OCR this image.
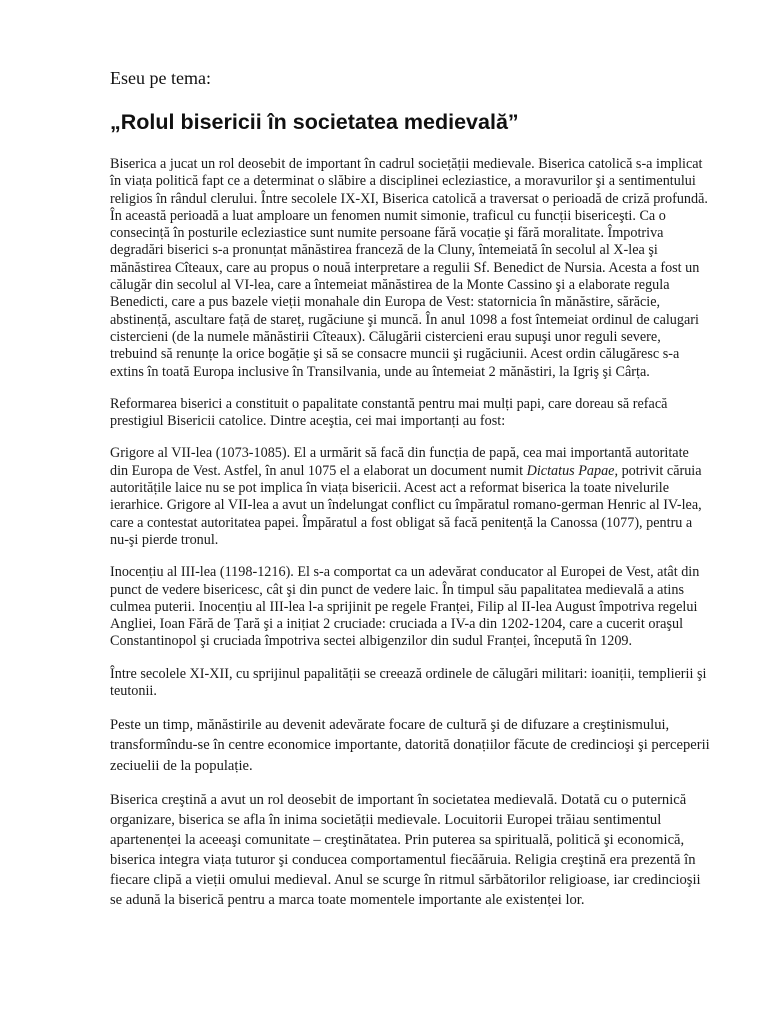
Eseu pe tema:
„Rolul bisericii în societatea medievală”

Biserica a jucat un rol deosebit de important în cadrul socieṭăṭii medievale. Biserica catolică s-a implicat în viaṭa politică fapt ce a determinat o slăbire a disciplinei ecleziastice, a moravurilor şi a sentimentului religios în rândul clerului. Între secolele IX-XI, Biserica catolică a traversat o perioadă de criză profundă. În această perioadă a luat amploare un fenomen numit simonie, traficul cu funcṭii bisericeşti. Ca o consecinṭă în posturile ecleziastice sunt numite persoane fără vocaṭie şi fără moralitate. Împotriva degradări biserici s-a pronunṭat mănăstirea franceză de la Cluny, întemeiată în secolul al X-lea şi mănăstirea Cîteaux, care au propus o nouă interpretare a regulii Sf. Benedict de Nursia. Acesta a fost un călugăr din secolul al VI-lea, care a întemeiat mănăstirea de la Monte Cassino şi a elaborate regula Benedicti, care a pus bazele vieṭii monahale din Europa de Vest: statornicia în mănăstire, sărăcie, abstinenṭă, ascultare faṭă de stareṭ, rugăciune şi muncă. În anul 1098 a fost întemeiat ordinul de calugari cistercieni (de la numele mănăstirii Cîteaux). Călugării cistercieni erau supuşi unor reguli severe, trebuind să renunṭe la orice bogăṭie şi să se consacre muncii şi rugăciunii. Acest ordin călugăresc s-a extins în toată Europa inclusive în Transilvania, unde au întemeiat 2 mănăstiri, la Igriş şi Cârṭa.

Reformarea biserici a constituit o papalitate constantă pentru mai mulṭi papi, care doreau să refacă prestigiul Bisericii catolice. Dintre aceştia, cei mai importanṭi au fost:

Grigore al VII-lea (1073-1085). El a urmărit să facă din funcṭia de papă, cea mai importantă autoritate din Europa de Vest. Astfel, în anul 1075 el a elaborat un document numit Dictatus Papae, potrivit căruia autorităṭile laice nu se pot implica în viaṭa bisericii. Acest act a reformat biserica la toate nivelurile ierarhice. Grigore al VII-lea a avut un îndelungat conflict cu împăratul romano-german Henric al IV-lea, care a contestat autoritatea papei. Împăratul a fost obligat să facă penitenṭă la Canossa (1077), pentru a nu-şi pierde tronul.

Inocenṭiu al III-lea (1198-1216). El s-a comportat ca un adevărat conducator al Europei de Vest, atât din punct de vedere bisericesc, cât şi din punct de vedere laic. În timpul său papalitatea medievală a atins culmea puterii. Inocenṭiu al III-lea l-a sprijinit pe regele Franṭei, Filip al II-lea August împotriva regelui Angliei, Ioan Fără de Ṭară şi a iniṭiat 2 cruciade: cruciada a IV-a din 1202-1204, care a cucerit oraşul Constantinopol şi cruciada împotriva sectei albigenzilor din sudul Franṭei, începută în 1209.

Între secolele XI-XII, cu sprijinul papalităṭii se creează ordinele de călugări militari: ioaniṭii, templierii şi teutonii.

Peste un timp, mănăstirile au devenit adevărate focare de cultură şi de difuzare a creştinismului, transformîndu-se în centre economice importante, datorită donaṭiilor făcute de credincioşi şi perceperii zeciuelii de la populaṭie.

Biserica creştină a avut un rol deosebit de important în societatea medievală. Dotată cu o puternică organizare, biserica se afla în inima societăṭii medievale. Locuitorii Europei trăiau sentimentul apartenenṭei la aceeaşi comunitate – creştinătatea. Prin puterea sa spirituală, politică şi economică, biserica integra viaṭa tuturor şi conducea comportamentul fiecăăruia. Religia creştină era prezentă în fiecare clipă a vieṭii omului medieval. Anul se scurge în ritmul sărbătorilor religioase, iar credincioşii se adună la biserică pentru a marca toate momentele importante ale existenṭei lor.
